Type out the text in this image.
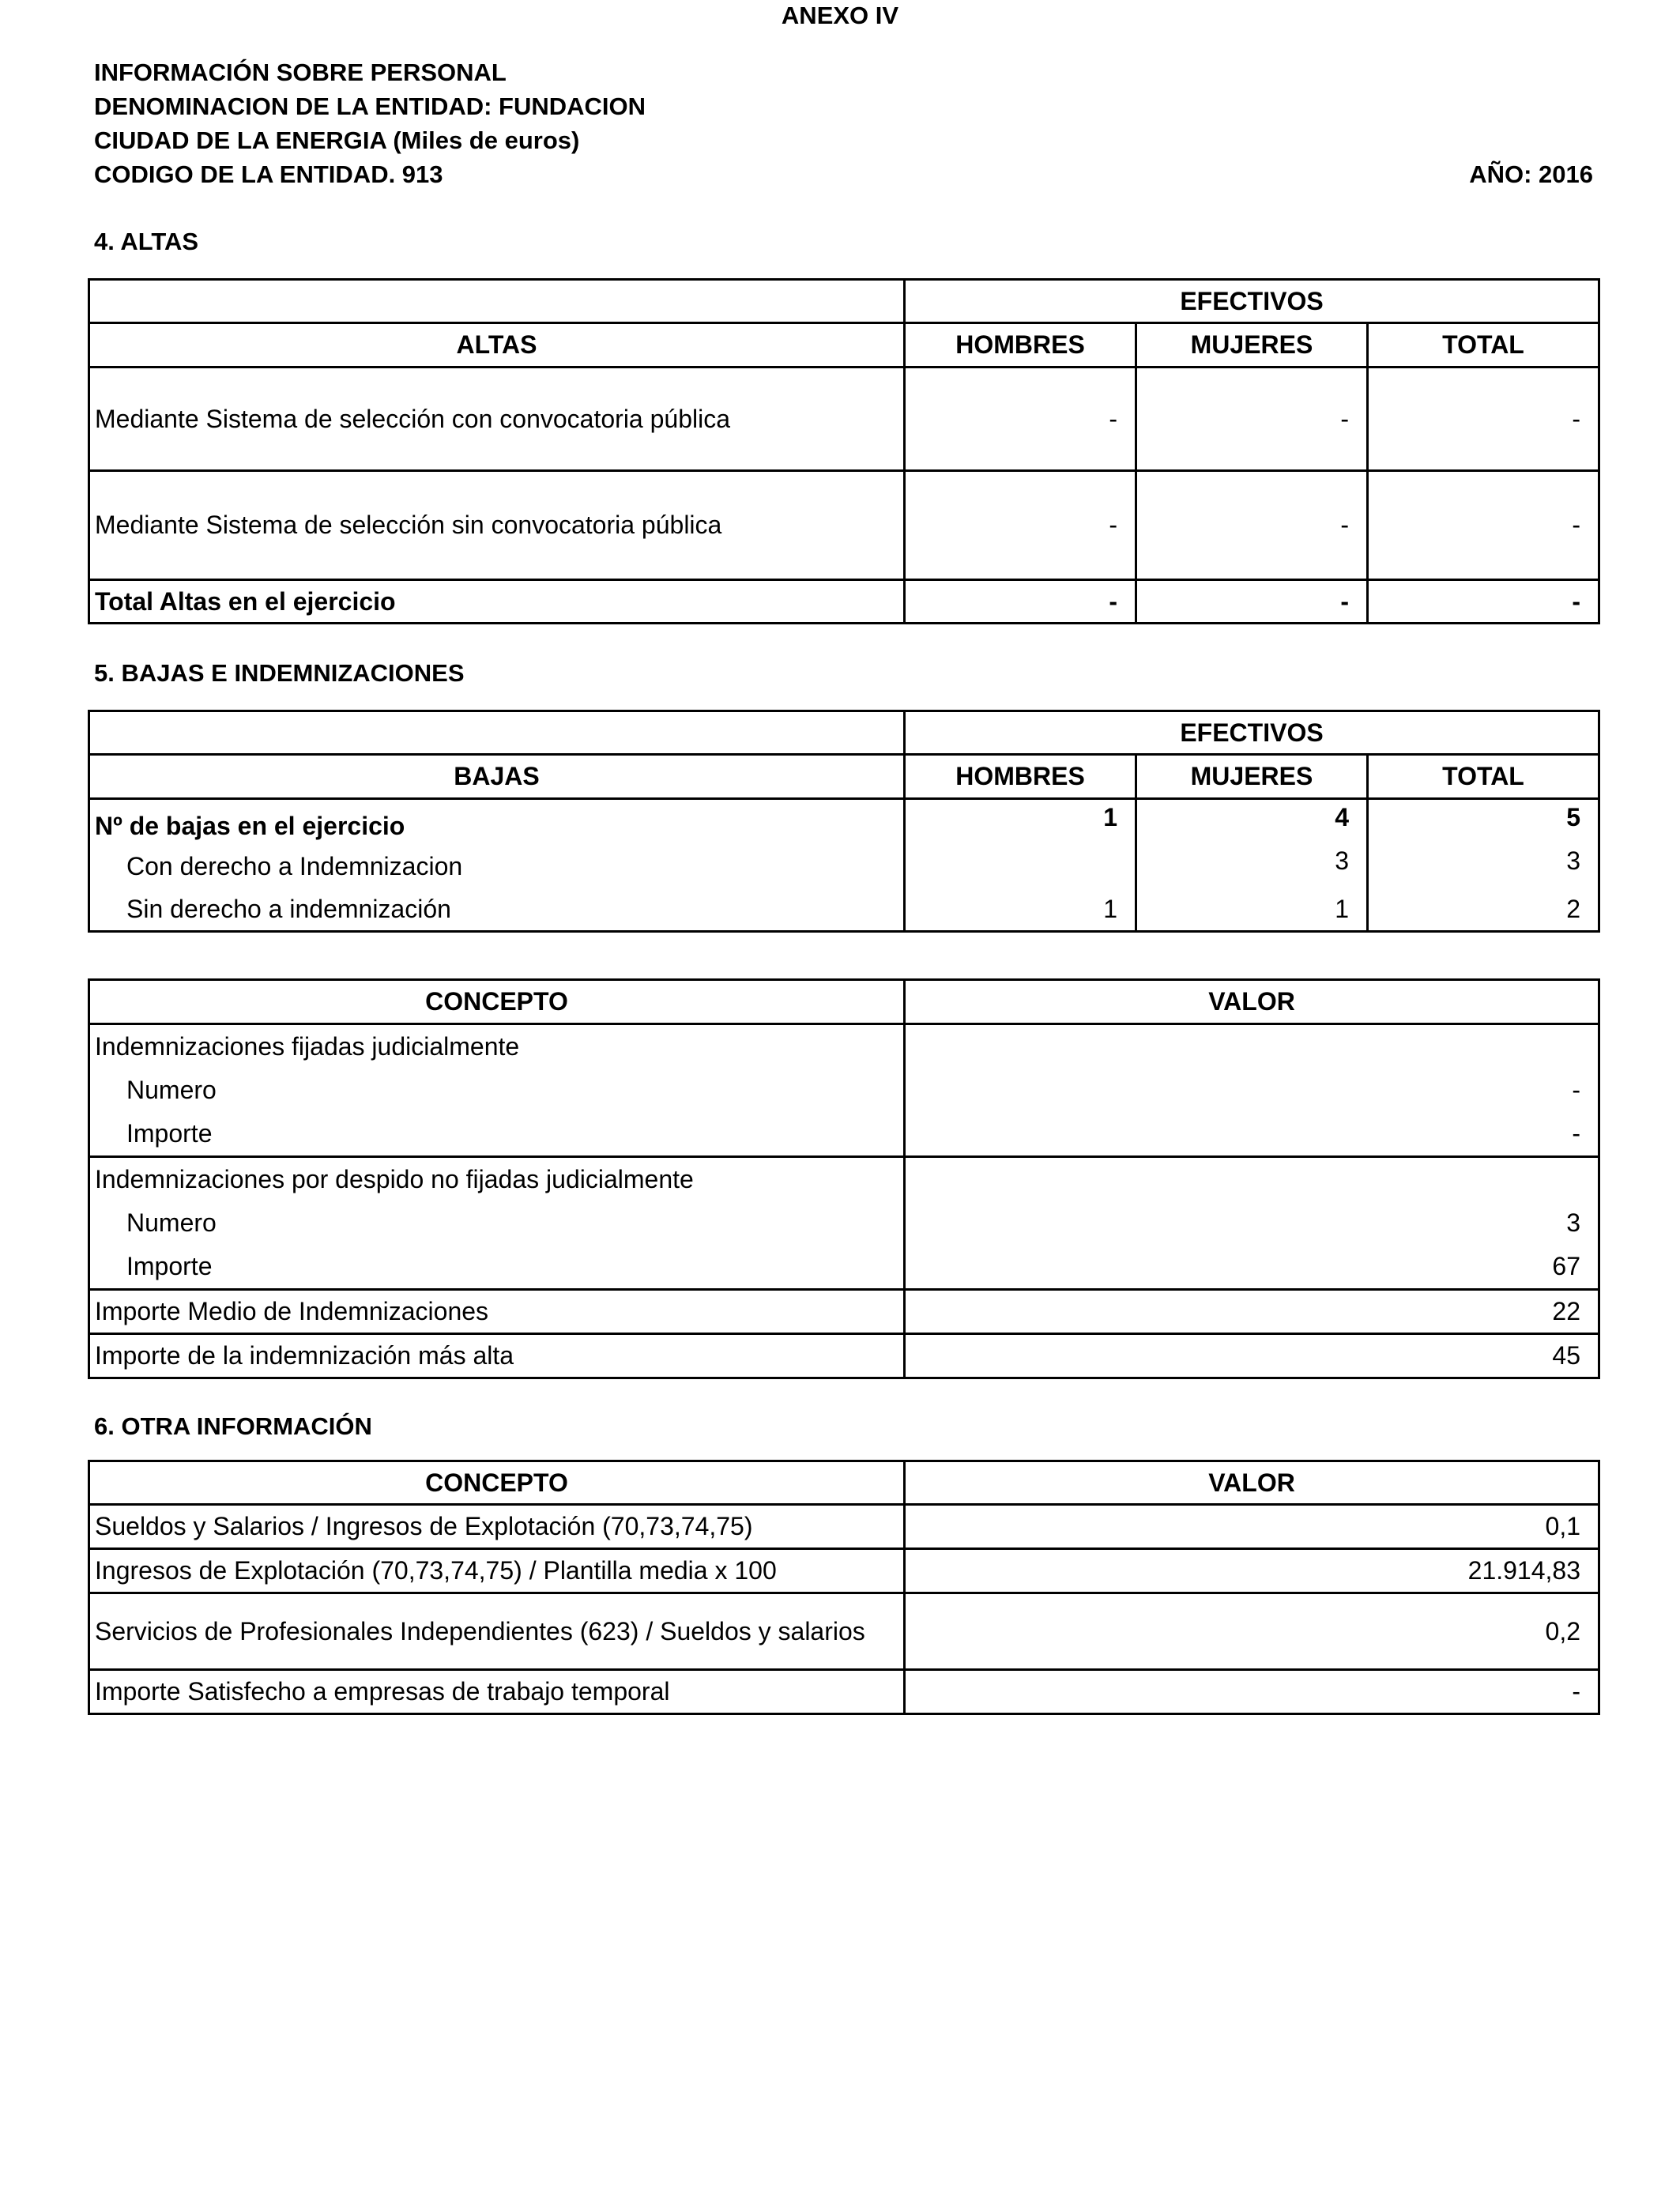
ANEXO IV
INFORMACIÓN SOBRE PERSONAL
DENOMINACION DE LA ENTIDAD: FUNDACION
CIUDAD DE LA ENERGIA (Miles de euros)
CODIGO DE LA ENTIDAD. 913	AÑO: 2016
4. ALTAS
	EFECTIVOS		
ALTAS	HOMBRES	MUJERES	TOTAL
Mediante Sistema de selección con convocatoria pública	-	-	-
Mediante Sistema de selección sin convocatoria pública	-	-	-
Total Altas en el ejercicio	-	-	-
5. BAJAS E INDEMNIZACIONES
	EFECTIVOS		
BAJAS	HOMBRES	MUJERES	TOTAL
Nº de bajas en el ejercicio	1	4	5
Con derecho a Indemnizacion		3	3
Sin derecho a indemnización	1	1	2
CONCEPTO	VALOR
Indemnizaciones fijadas judicialmente	
Numero	-
Importe	-
Indemnizaciones por despido no fijadas judicialmente	
Numero	3
Importe	67
Importe Medio de Indemnizaciones	22
Importe de la indemnización más alta	45
6. OTRA INFORMACIÓN
CONCEPTO	VALOR
Sueldos y Salarios / Ingresos de Explotación (70,73,74,75)	0,1
Ingresos de Explotación (70,73,74,75) / Plantilla media x 100	21.914,83
Servicios de Profesionales Independientes (623) / Sueldos y salarios	0,2
Importe Satisfecho a empresas de trabajo temporal	-
